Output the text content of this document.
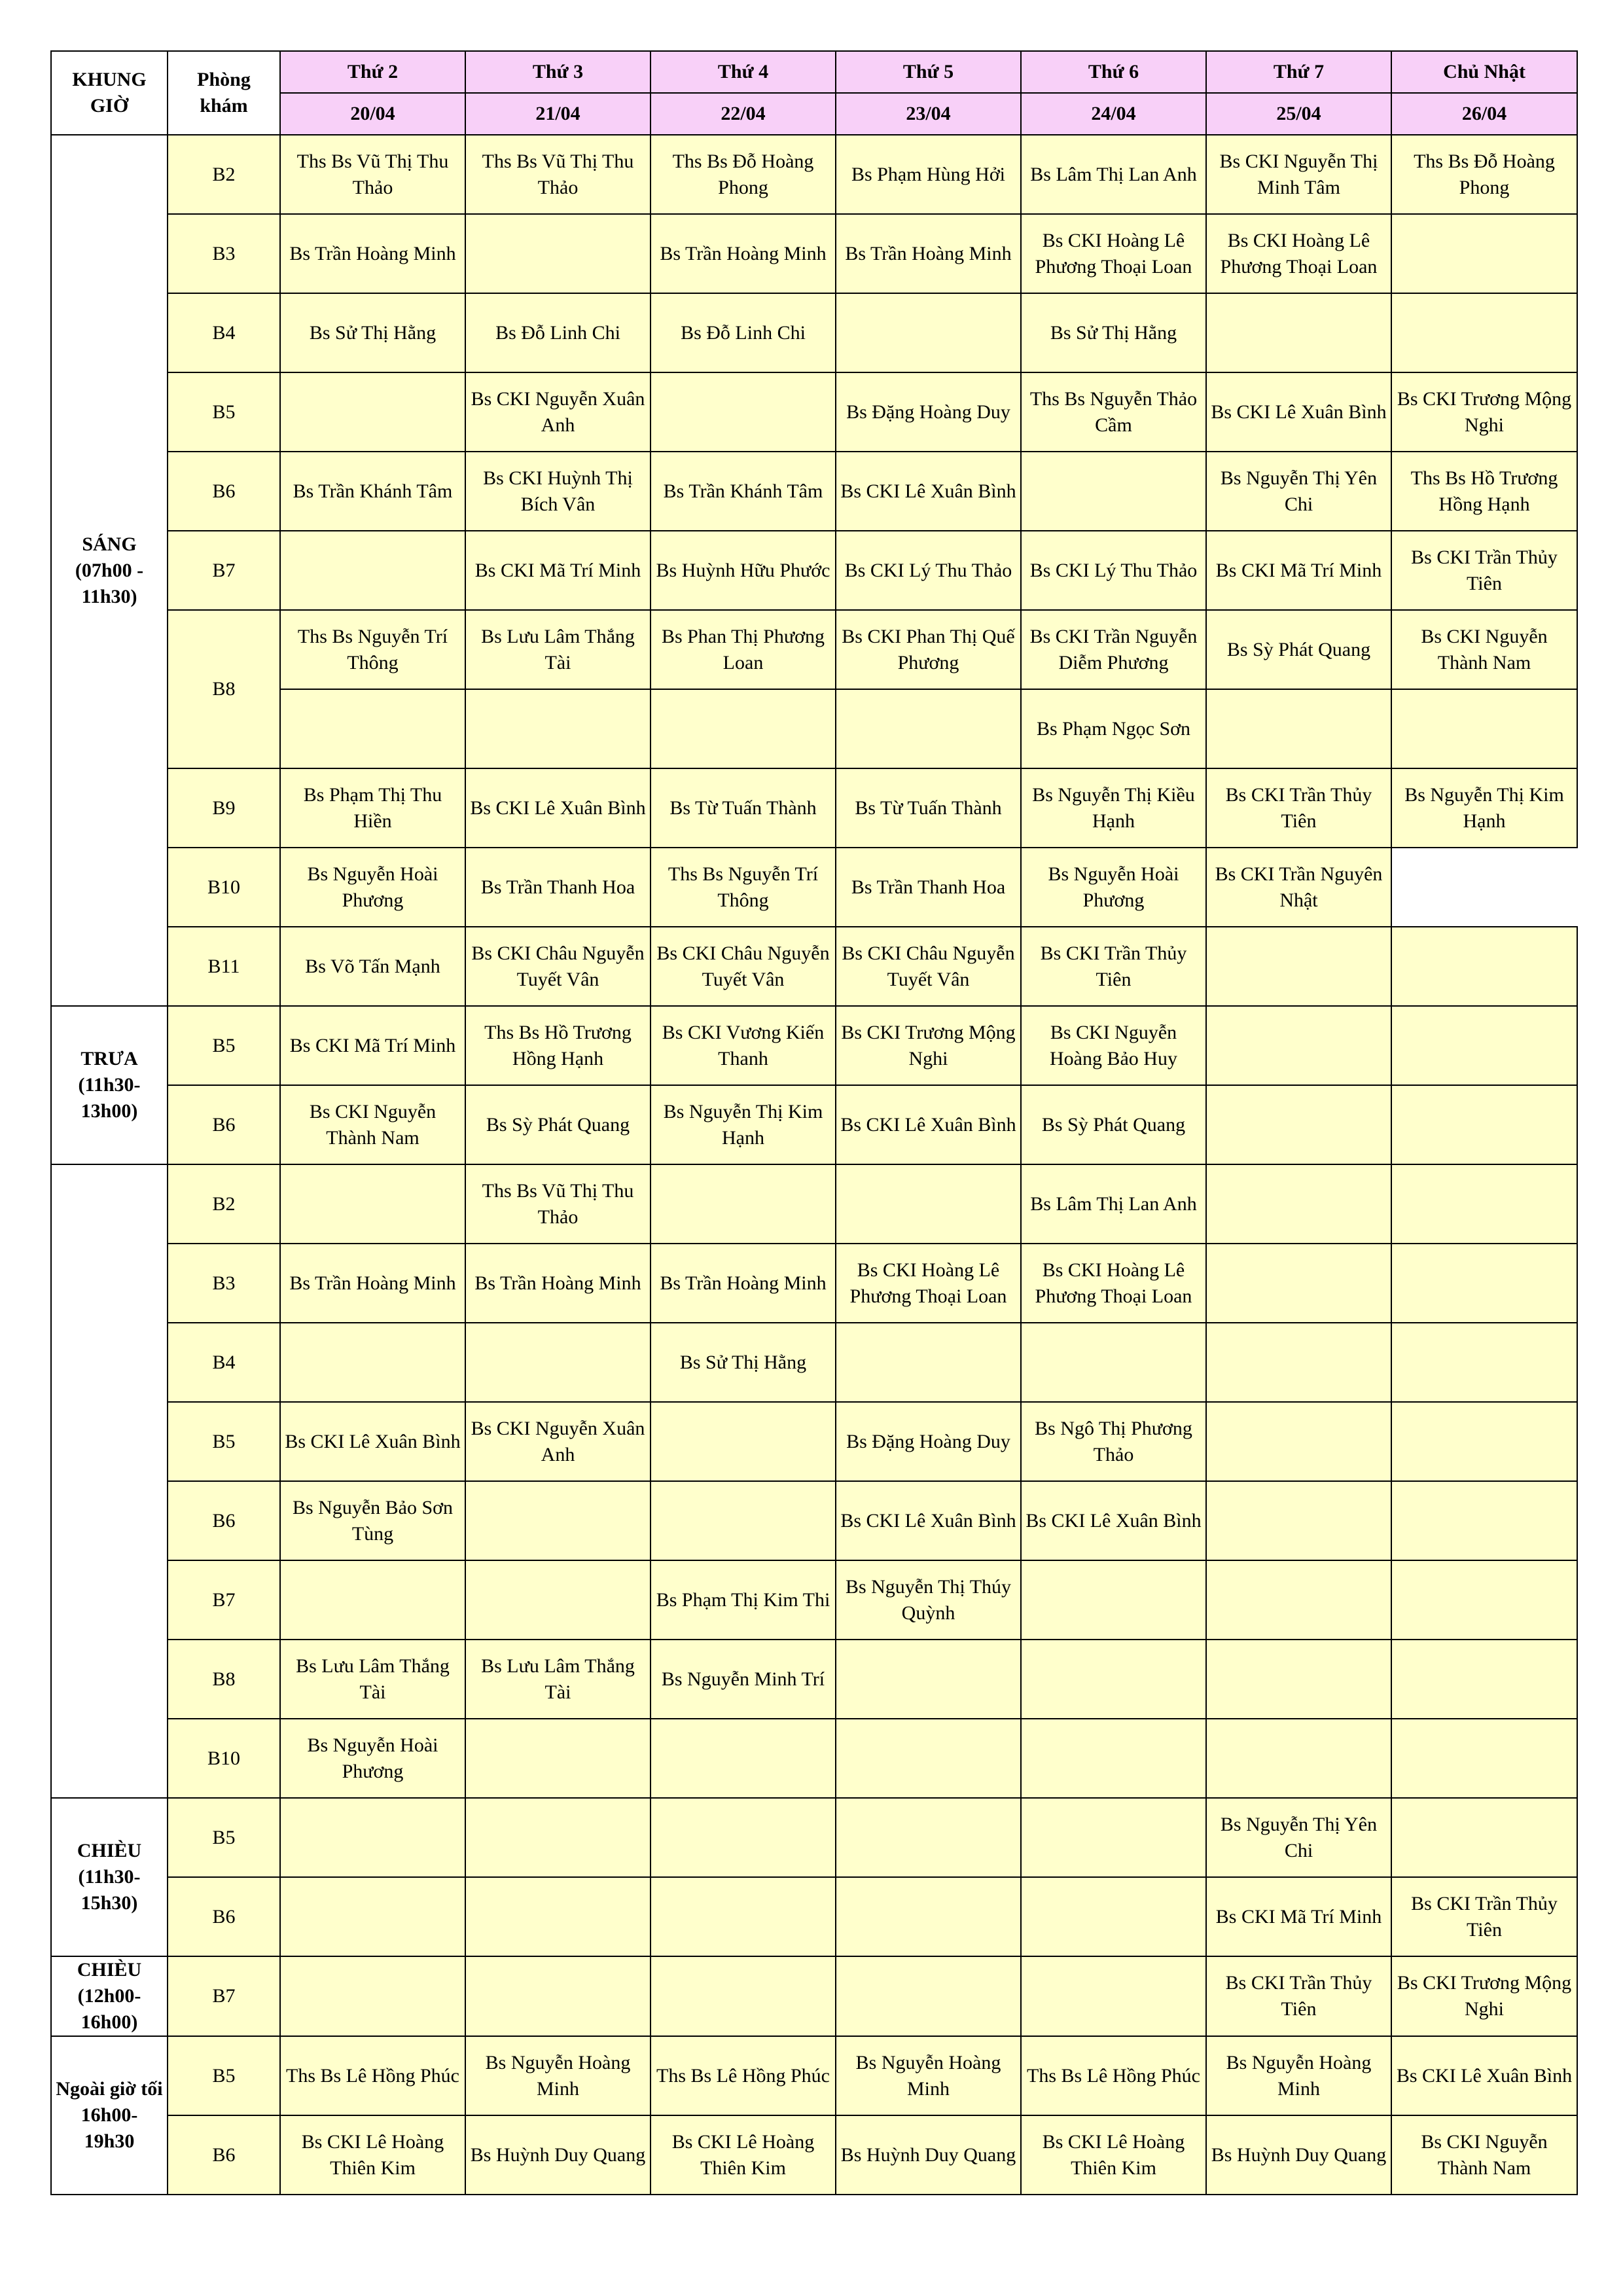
KHUNG GIỜ	Phòng khám	Thứ 2	Thứ 3	Thứ 4	Thứ 5	Thứ 6	Thứ 7	Chủ Nhật
		20/04	21/04	22/04	23/04	24/04	25/04	26/04
SÁNG (07h00 - 11h30)	B2	Ths Bs Vũ Thị Thu Thảo	Ths Bs Vũ Thị Thu Thảo	Ths Bs Đỗ Hoàng Phong	Bs Phạm Hùng Hởi	Bs Lâm Thị Lan Anh	Bs CKI Nguyễn Thị Minh Tâm	Ths Bs Đỗ Hoàng Phong
	B3	Bs Trần Hoàng Minh		Bs Trần Hoàng Minh	Bs Trần Hoàng Minh	Bs CKI Hoàng Lê Phương Thoại Loan	Bs CKI Hoàng Lê Phương Thoại Loan	
	B4	Bs Sử Thị Hằng	Bs Đỗ Linh Chi	Bs Đỗ Linh Chi		Bs Sử Thị Hằng		
	B5		Bs CKI Nguyễn Xuân Anh		Bs Đặng Hoàng Duy	Ths Bs Nguyễn Thảo Cầm	Bs CKI Lê Xuân Bình	Bs CKI Trương Mộng Nghi
	B6	Bs Trần Khánh Tâm	Bs CKI Huỳnh Thị Bích Vân	Bs Trần Khánh Tâm	Bs CKI Lê Xuân Bình		Bs Nguyễn Thị Yên Chi	Ths Bs Hồ Trương Hồng Hạnh
	B7		Bs CKI Mã Trí Minh	Bs Huỳnh Hữu Phước	Bs CKI Lý Thu Thảo	Bs CKI Lý Thu Thảo	Bs CKI Mã Trí Minh	Bs CKI Trần Thủy Tiên
	B8	Ths Bs Nguyễn Trí Thông	Bs Lưu Lâm Thắng Tài	Bs Phan Thị Phương Loan	Bs CKI Phan Thị Quế Phương	Bs CKI Trần Nguyễn Diễm Phương	Bs Sỳ Phát Quang	Bs CKI Nguyễn Thành Nam
						Bs Phạm Ngọc Sơn		
	B9	Bs Phạm Thị Thu Hiền	Bs CKI Lê Xuân Bình	Bs Từ Tuấn Thành	Bs Từ Tuấn Thành	Bs Nguyễn Thị Kiều Hạnh	Bs CKI Trần Thủy Tiên	Bs Nguyễn Thị Kim Hạnh
	B10	Bs Nguyễn Hoài Phương	Bs Trần Thanh Hoa	Ths Bs Nguyễn Trí Thông	Bs Trần Thanh Hoa	Bs Nguyễn Hoài Phương	Bs CKI Trần Nguyên Nhật	
	B11	Bs Võ Tấn Mạnh	Bs CKI Châu Nguyễn Tuyết Vân	Bs CKI Châu Nguyễn Tuyết Vân	Bs CKI Châu Nguyễn Tuyết Vân	Bs CKI Trần Thủy Tiên		
TRƯA (11h30- 13h00)	B5	Bs CKI Mã Trí Minh	Ths Bs Hồ Trương Hồng Hạnh	Bs CKI Vương Kiến Thanh	Bs CKI Trương Mộng Nghi	Bs CKI Nguyễn Hoàng Bảo Huy		
	B6	Bs CKI Nguyễn Thành Nam	Bs Sỳ Phát Quang	Bs Nguyễn Thị Kim Hạnh	Bs CKI Lê Xuân Bình	Bs Sỳ Phát Quang		
	B2		Ths Bs Vũ Thị Thu Thảo			Bs Lâm Thị Lan Anh		
	B3	Bs Trần Hoàng Minh	Bs Trần Hoàng Minh	Bs Trần Hoàng Minh	Bs CKI Hoàng Lê Phương Thoại Loan	Bs CKI Hoàng Lê Phương Thoại Loan		
	B4			Bs Sử Thị Hằng				
	B5	Bs CKI Lê Xuân Bình	Bs CKI Nguyễn Xuân Anh		Bs Đặng Hoàng Duy	Bs Ngô Thị Phương Thảo		
	B6	Bs Nguyễn Bảo Sơn Tùng			Bs CKI Lê Xuân Bình	Bs CKI Lê Xuân Bình		
	B7			Bs Phạm Thị Kim Thi	Bs Nguyễn Thị Thúy Quỳnh			
	B8	Bs Lưu Lâm Thắng Tài	Bs Lưu Lâm Thắng Tài	Bs Nguyễn Minh Trí				
	B10	Bs Nguyễn Hoài Phương						
CHIÈU (11h30- 15h30)	B5						Bs Nguyễn Thị Yên Chi	
	B6						Bs CKI Mã Trí Minh	Bs CKI Trần Thủy Tiên
CHIÈU (12h00- 16h00)	B7						Bs CKI Trần Thủy Tiên	Bs CKI Trương Mộng Nghi
Ngoài giờ tối 16h00- 19h30	B5	Ths Bs Lê Hồng Phúc	Bs Nguyễn Hoàng Minh	Ths Bs Lê Hồng Phúc	Bs Nguyễn Hoàng Minh	Ths Bs Lê Hồng Phúc	Bs Nguyễn Hoàng Minh	Bs CKI Lê Xuân Bình
	B6	Bs CKI Lê Hoàng Thiên Kim	Bs Huỳnh Duy Quang	Bs CKI Lê Hoàng Thiên Kim	Bs Huỳnh Duy Quang	Bs CKI Lê Hoàng Thiên Kim	Bs Huỳnh Duy Quang	Bs CKI Nguyễn Thành Nam
